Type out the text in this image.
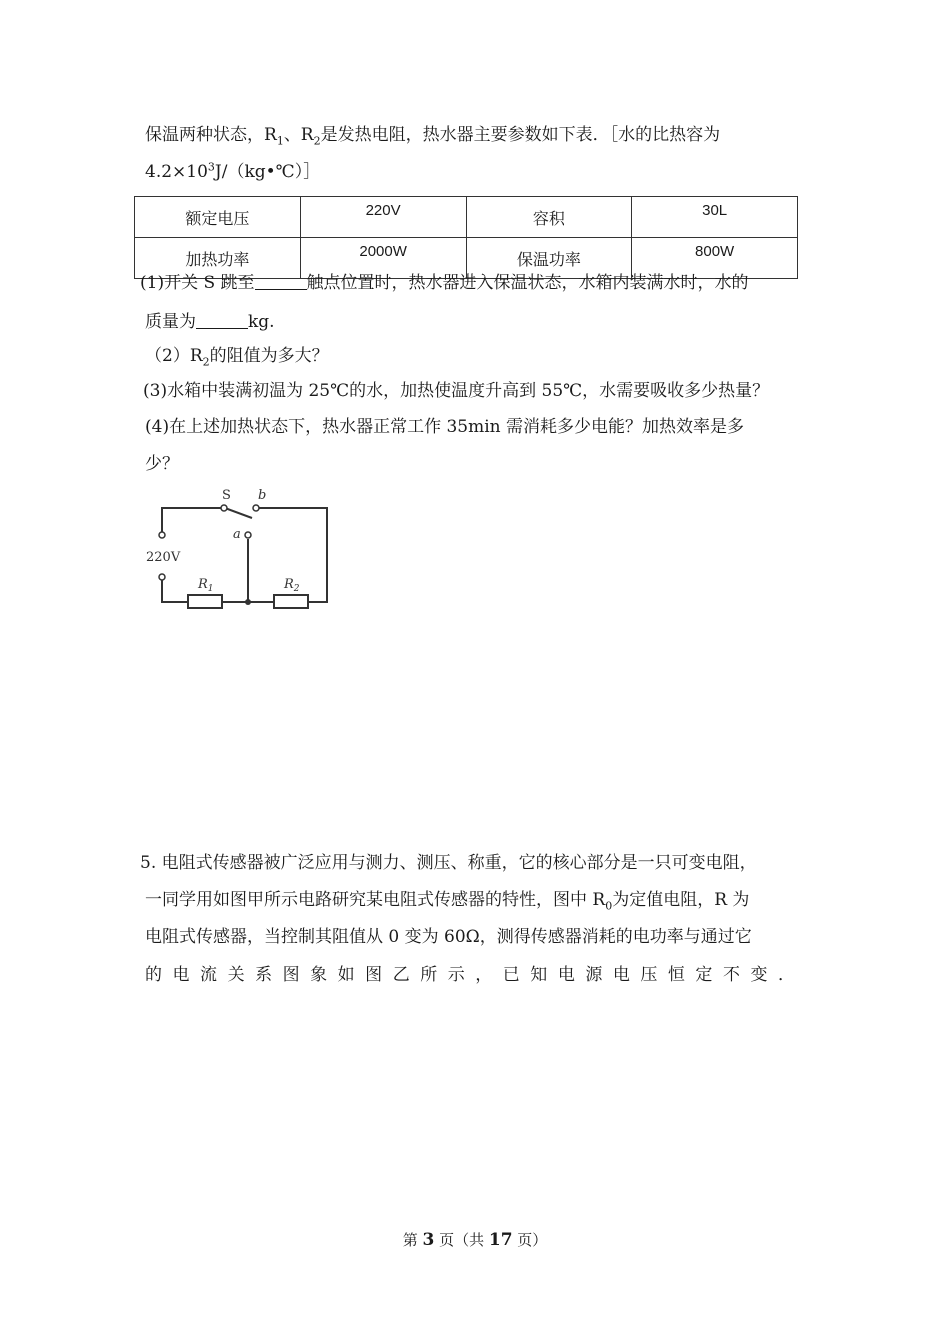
保温两种状态，$R_1$、$R_2$是发热电阻，热水器主要参数如下表．［水的比热容为
$4.2\times 10^3J/(kg•℃)]$
额定电压	220V	容积	30L
加热功率	2000W	保温功率	800W
(1)开关 S 跳至	触点位置时，热水器进入保温状态，水箱内装满水时，水的
质量为	kg.
$(2)R_2$的阻值为多大？
(3)水箱中装满初温为 25℃的水，加热使温度升高到 55℃，水需要吸收多少热量？
(4)在上述加热状态下，热水器正常工作 35min 需消耗多少电能？加热效率是多
少？
S b
a
220V
$R_1$	$R_2$
5. 电阻式传感器被广泛应用与测力、测压、称重，它的核心部分是一只可变电阻，
一同学用如图甲所示电路研究某电阻式传感器的特性，图中 $R_0$为定值电阻，R 为
电阻式传感器，当控制其阻值从 0 变为 60Ω，测得传感器消耗的电功率与通过它
的电流关系图象如图乙所示，已知电源电压恒定不变．
第 3 页（共 17 页）
